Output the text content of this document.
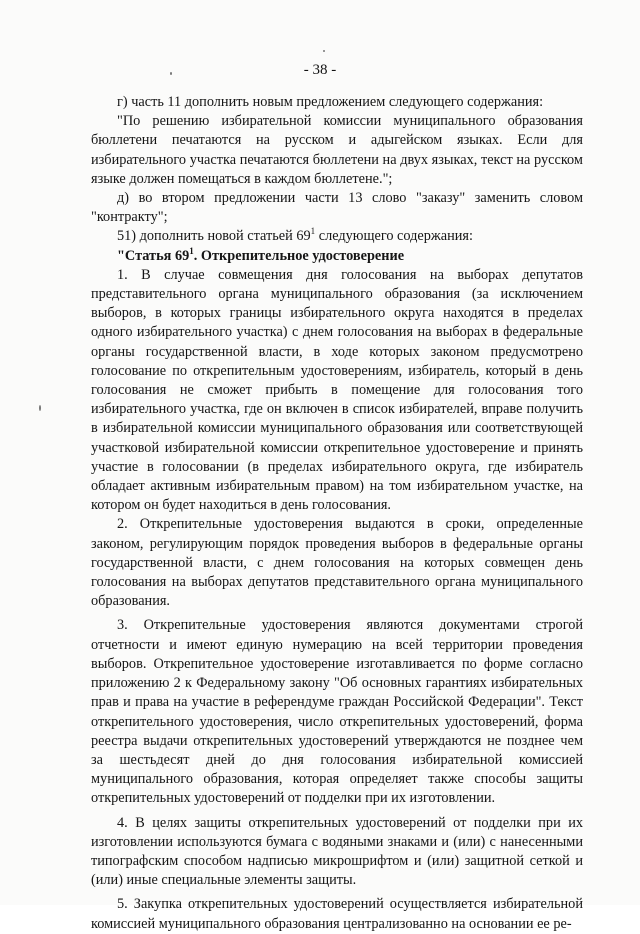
- 38 -

г) часть 11 дополнить новым предложением следующего содержания:

"По решению избирательной комиссии муниципального образования бюллетени печатаются на русском и адыгейском языках. Если для избирательного участка печатаются бюллетени на двух языках, текст на русском языке должен помещаться в каждом бюллетене.";

д) во втором предложении части 13 слово "заказу" заменить словом "контракту";

51) дополнить новой статьей $69^1$ следующего содержания:

"Статья $69^1$. Открепительное удостоверение

1. В случае совмещения дня голосования на выборах депутатов представительного органа муниципального образования (за исключением выборов, в которых границы избирательного округа находятся в пределах одного избирательного участка) с днем голосования на выборах в федеральные органы государственной власти, в ходе которых законом предусмотрено голосование по открепительным удостоверениям, избиратель, который в день голосования не сможет прибыть в помещение для голосования того избирательного участка, где он включен в список избирателей, вправе получить в избирательной комиссии муниципального образования или соответствующей участковой избирательной комиссии открепительное удостоверение и принять участие в голосовании (в пределах избирательного округа, где избиратель обладает активным избирательным правом) на том избирательном участке, на котором он будет находиться в день голосования.

2. Открепительные удостоверения выдаются в сроки, определенные законом, регулирующим порядок проведения выборов в федеральные органы государственной власти, с днем голосования на которых совмещен день голосования на выборах депутатов представительного органа муниципального образования.

3. Открепительные удостоверения являются документами строгой отчетности и имеют единую нумерацию на всей территории проведения выборов. Открепительное удостоверение изготавливается по форме согласно приложению 2 к Федеральному закону "Об основных гарантиях избирательных прав и права на участие в референдуме граждан Российской Федерации". Текст открепительного удостоверения, число открепительных удостоверений, форма реестра выдачи открепительных удостоверений утверждаются не позднее чем за шестьдесят дней до дня голосования избирательной комиссией муниципального образования, которая определяет также способы защиты открепительных удостоверений от подделки при их изготовлении.

4. В целях защиты открепительных удостоверений от подделки при их изготовлении используются бумага с водяными знаками и (или) с нанесенными типографским способом надписью микрошрифтом и (или) защитной сеткой и (или) иные специальные элементы защиты.

5. Закупка открепительных удостоверений осуществляется избирательной комиссией муниципального образования централизованно на основании ее ре-
